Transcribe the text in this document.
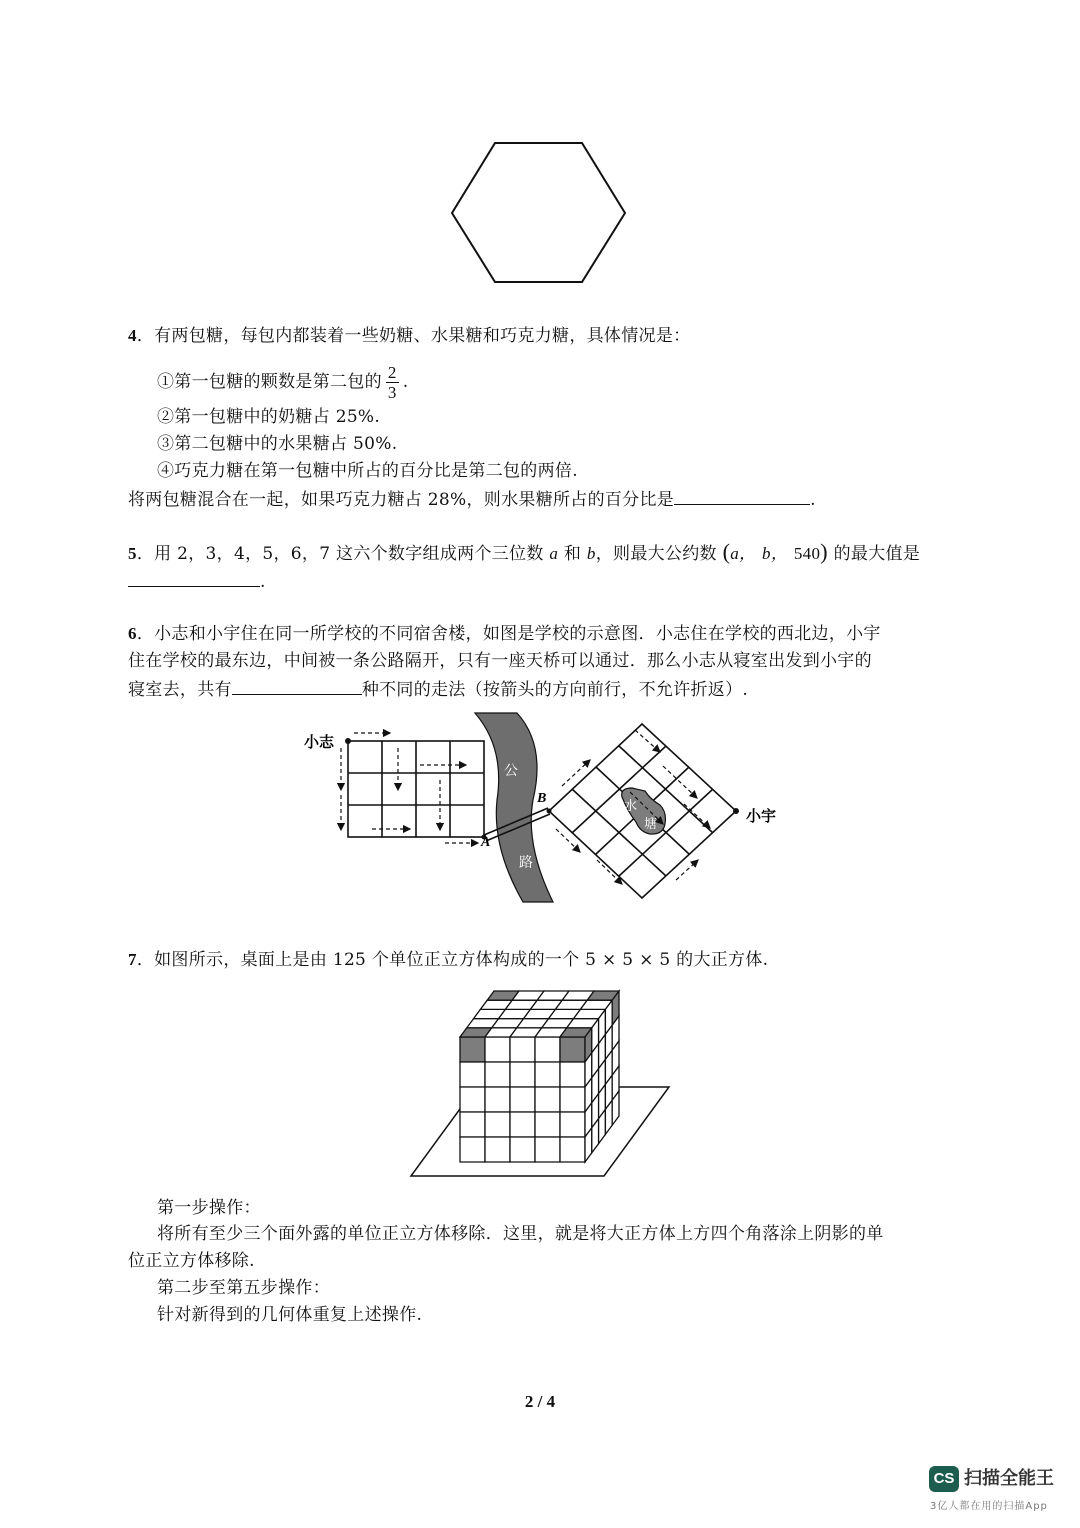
4．有两包糖，每包内都装着一些奶糖、水果糖和巧克力糖，具体情况是：
①第一包糖的颗数是第二包的 $\frac{2}{3}$ .
②第一包糖中的奶糖占 25%.
③第二包糖中的水果糖占 50%.
④巧克力糖在第一包糖中所占的百分比是第二包的两倍.
将两包糖混合在一起，如果巧克力糖占 28%，则水果糖所占的百分比是	.
5．用 2，3，4，5，6，7 这六个数字组成两个三位数 a 和 b，则最大公约数 (a， b， 540) 的最大值是
.
6．小志和小宇住在同一所学校的不同宿舍楼，如图是学校的示意图．小志住在学校的西北边，小宇
住在学校的最东边，中间被一条公路隔开，只有一座天桥可以通过．那么小志从寝室出发到小宇的
寝室去，共有	种不同的走法（按箭头的方向前行，不允许折返）.
小志
公
路
A
B
水
塘	小宇
7．如图所示，桌面上是由 125 个单位正立方体构成的一个 5 × 5 × 5 的大正方体.
第一步操作：
将所有至少三个面外露的单位正立方体移除．这里，就是将大正方体上方四个角落涂上阴影的单
位正立方体移除.
第二步至第五步操作：
针对新得到的几何体重复上述操作.
2 / 4
CS 扫描全能王
3亿人都在用的扫描App
